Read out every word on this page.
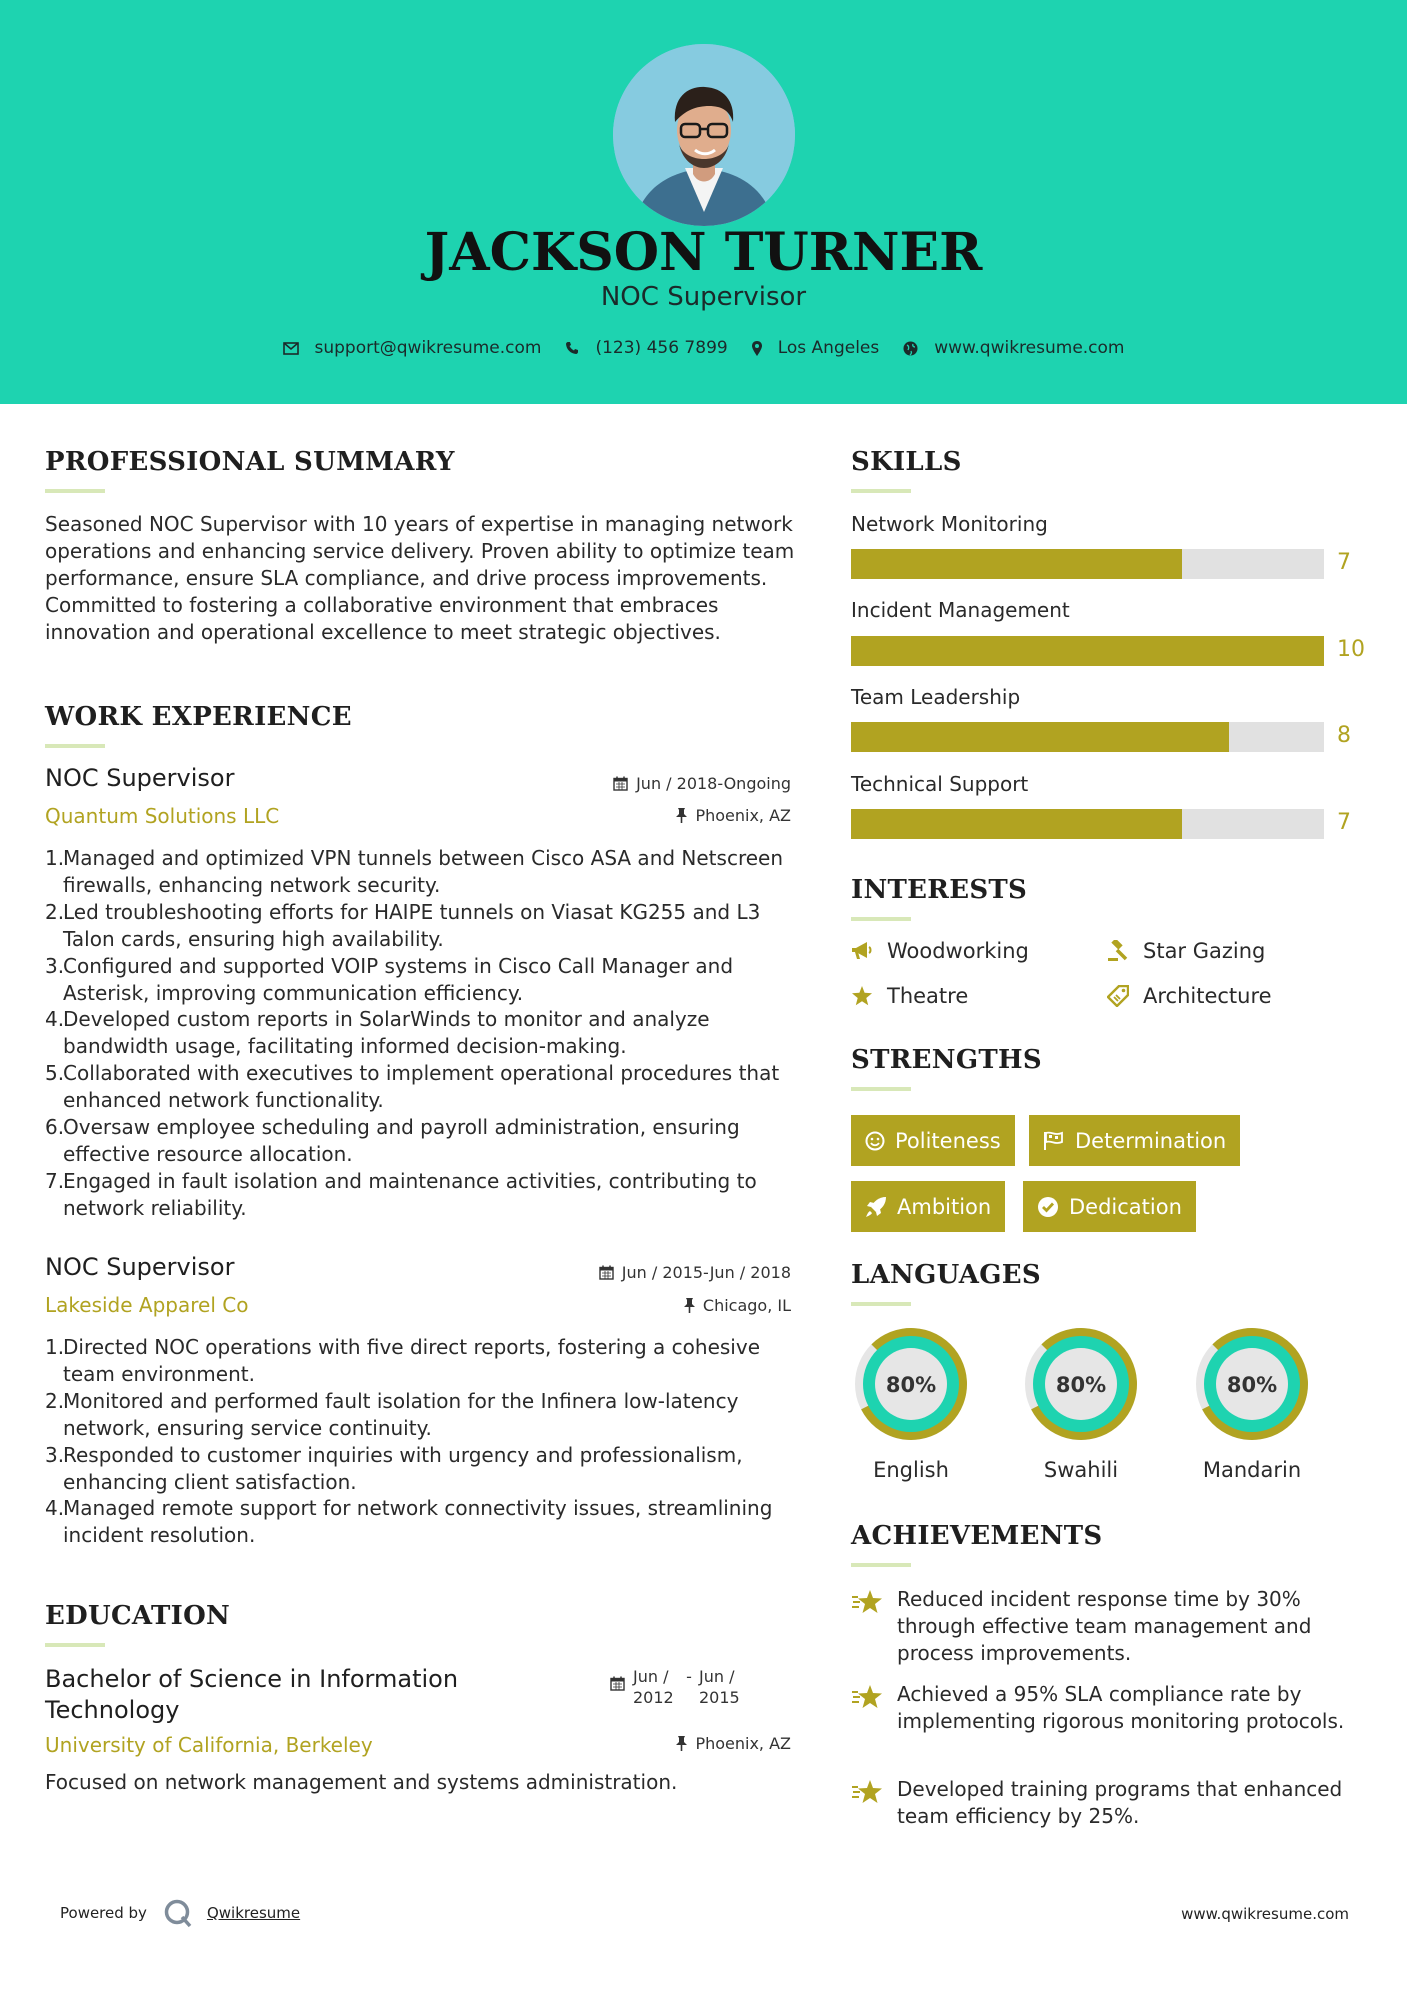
JACKSON TURNER
NOC Supervisor
support@qwikresume.com	(123) 456 7899	Los Angeles	www.qwikresume.com
PROFESSIONAL SUMMARY
Seasoned NOC Supervisor with 10 years of expertise in managing network operations and enhancing service delivery. Proven ability to optimize team performance, ensure SLA compliance, and drive process improvements. Committed to fostering a collaborative environment that embraces innovation and operational excellence to meet strategic objectives.
WORK EXPERIENCE
NOC Supervisor	Jun / 2018-Ongoing
Quantum Solutions LLC	Phoenix, AZ
1.
Managed and optimized VPN tunnels between Cisco ASA and Netscreen firewalls, enhancing network security.
2.
Led troubleshooting efforts for HAIPE tunnels on Viasat KG255 and L3 Talon cards, ensuring high availability.
3.
Configured and supported VOIP systems in Cisco Call Manager and Asterisk, improving communication efficiency.
4.
Developed custom reports in SolarWinds to monitor and analyze bandwidth usage, facilitating informed decision-making.
5.
Collaborated with executives to implement operational procedures that enhanced network functionality.
6.
Oversaw employee scheduling and payroll administration, ensuring effective resource allocation.
7.
Engaged in fault isolation and maintenance activities, contributing to network reliability.
NOC Supervisor	Jun / 2015-Jun / 2018
Lakeside Apparel Co	Chicago, IL
1.
Directed NOC operations with five direct reports, fostering a cohesive team environment.
2.
Monitored and performed fault isolation for the Infinera low-latency network, ensuring service continuity.
3.
Responded to customer inquiries with urgency and professionalism, enhancing client satisfaction.
4.
Managed remote support for network connectivity issues, streamlining incident resolution.
EDUCATION
Bachelor of Science in Information Technology
Jun / 2012
- Jun / 2015
University of California, Berkeley	Phoenix, AZ
Focused on network management and systems administration.
SKILLS
Network Monitoring
7
Incident Management
10
Team Leadership
8
Technical Support
7
INTERESTS
Woodworking	Star Gazing
Theatre	Architecture
STRENGTHS
Politeness	Determination
Ambition	Dedication
LANGUAGES
80%
English
80%
Swahili
80%
Mandarin
ACHIEVEMENTS
Reduced incident response time by 30% through effective team management and process improvements.
Achieved a 95% SLA compliance rate by implementing rigorous monitoring protocols.
Developed training programs that enhanced team efficiency by 25%.
Powered by	Qwikresume	www.qwikresume.com
